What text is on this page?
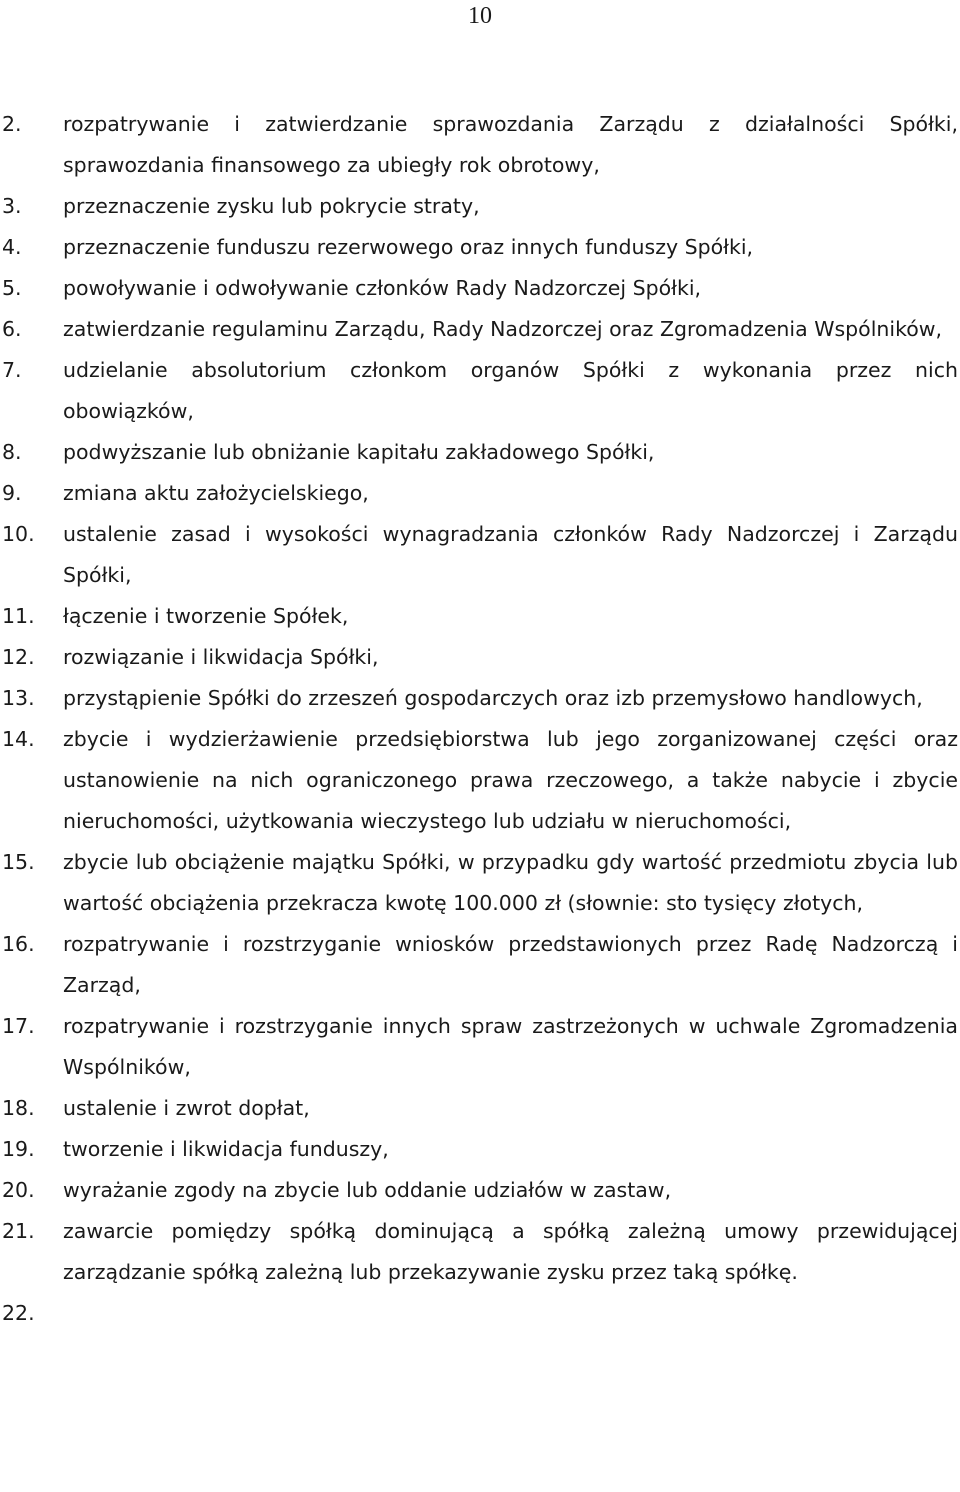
10
2. rozpatrywanie i zatwierdzanie sprawozdania Zarządu z działalności Spółki, sprawozdania finansowego za ubiegły rok obrotowy,
3. przeznaczenie zysku lub pokrycie straty,
4. przeznaczenie funduszu rezerwowego oraz innych funduszy Spółki,
5. powoływanie i odwoływanie członków Rady Nadzorczej Spółki,
6. zatwierdzanie regulaminu Zarządu, Rady Nadzorczej oraz Zgromadzenia Wspólników,
7. udzielanie absolutorium członkom organów Spółki z wykonania przez nich obowiązków,
8. podwyższanie lub obniżanie kapitału zakładowego Spółki,
9. zmiana aktu założycielskiego,
10. ustalenie zasad i wysokości wynagradzania członków Rady Nadzorczej i Zarządu Spółki,
11. łączenie i tworzenie Spółek,
12. rozwiązanie i likwidacja Spółki,
13. przystąpienie Spółki do zrzeszeń gospodarczych oraz izb przemysłowo handlowych,
14. zbycie i wydzierżawienie przedsiębiorstwa lub jego zorganizowanej części oraz ustanowienie na nich ograniczonego prawa rzeczowego, a także nabycie i zbycie nieruchomości, użytkowania wieczystego lub udziału w nieruchomości,
15. zbycie lub obciążenie majątku Spółki, w przypadku gdy wartość przedmiotu zbycia lub wartość obciążenia przekracza kwotę 100.000 zł (słownie: sto tysięcy złotych,
16. rozpatrywanie i rozstrzyganie wniosków przedstawionych przez Radę Nadzorczą i Zarząd,
17. rozpatrywanie i rozstrzyganie innych spraw zastrzeżonych w uchwale Zgromadzenia Wspólników,
18. ustalenie i zwrot dopłat,
19. tworzenie i likwidacja funduszy,
20. wyrażanie zgody na zbycie lub oddanie udziałów w zastaw,
21. zawarcie pomiędzy spółką dominującą a spółką zależną umowy przewidującej zarządzanie spółką zależną lub przekazywanie zysku przez taką spółkę.
22.
